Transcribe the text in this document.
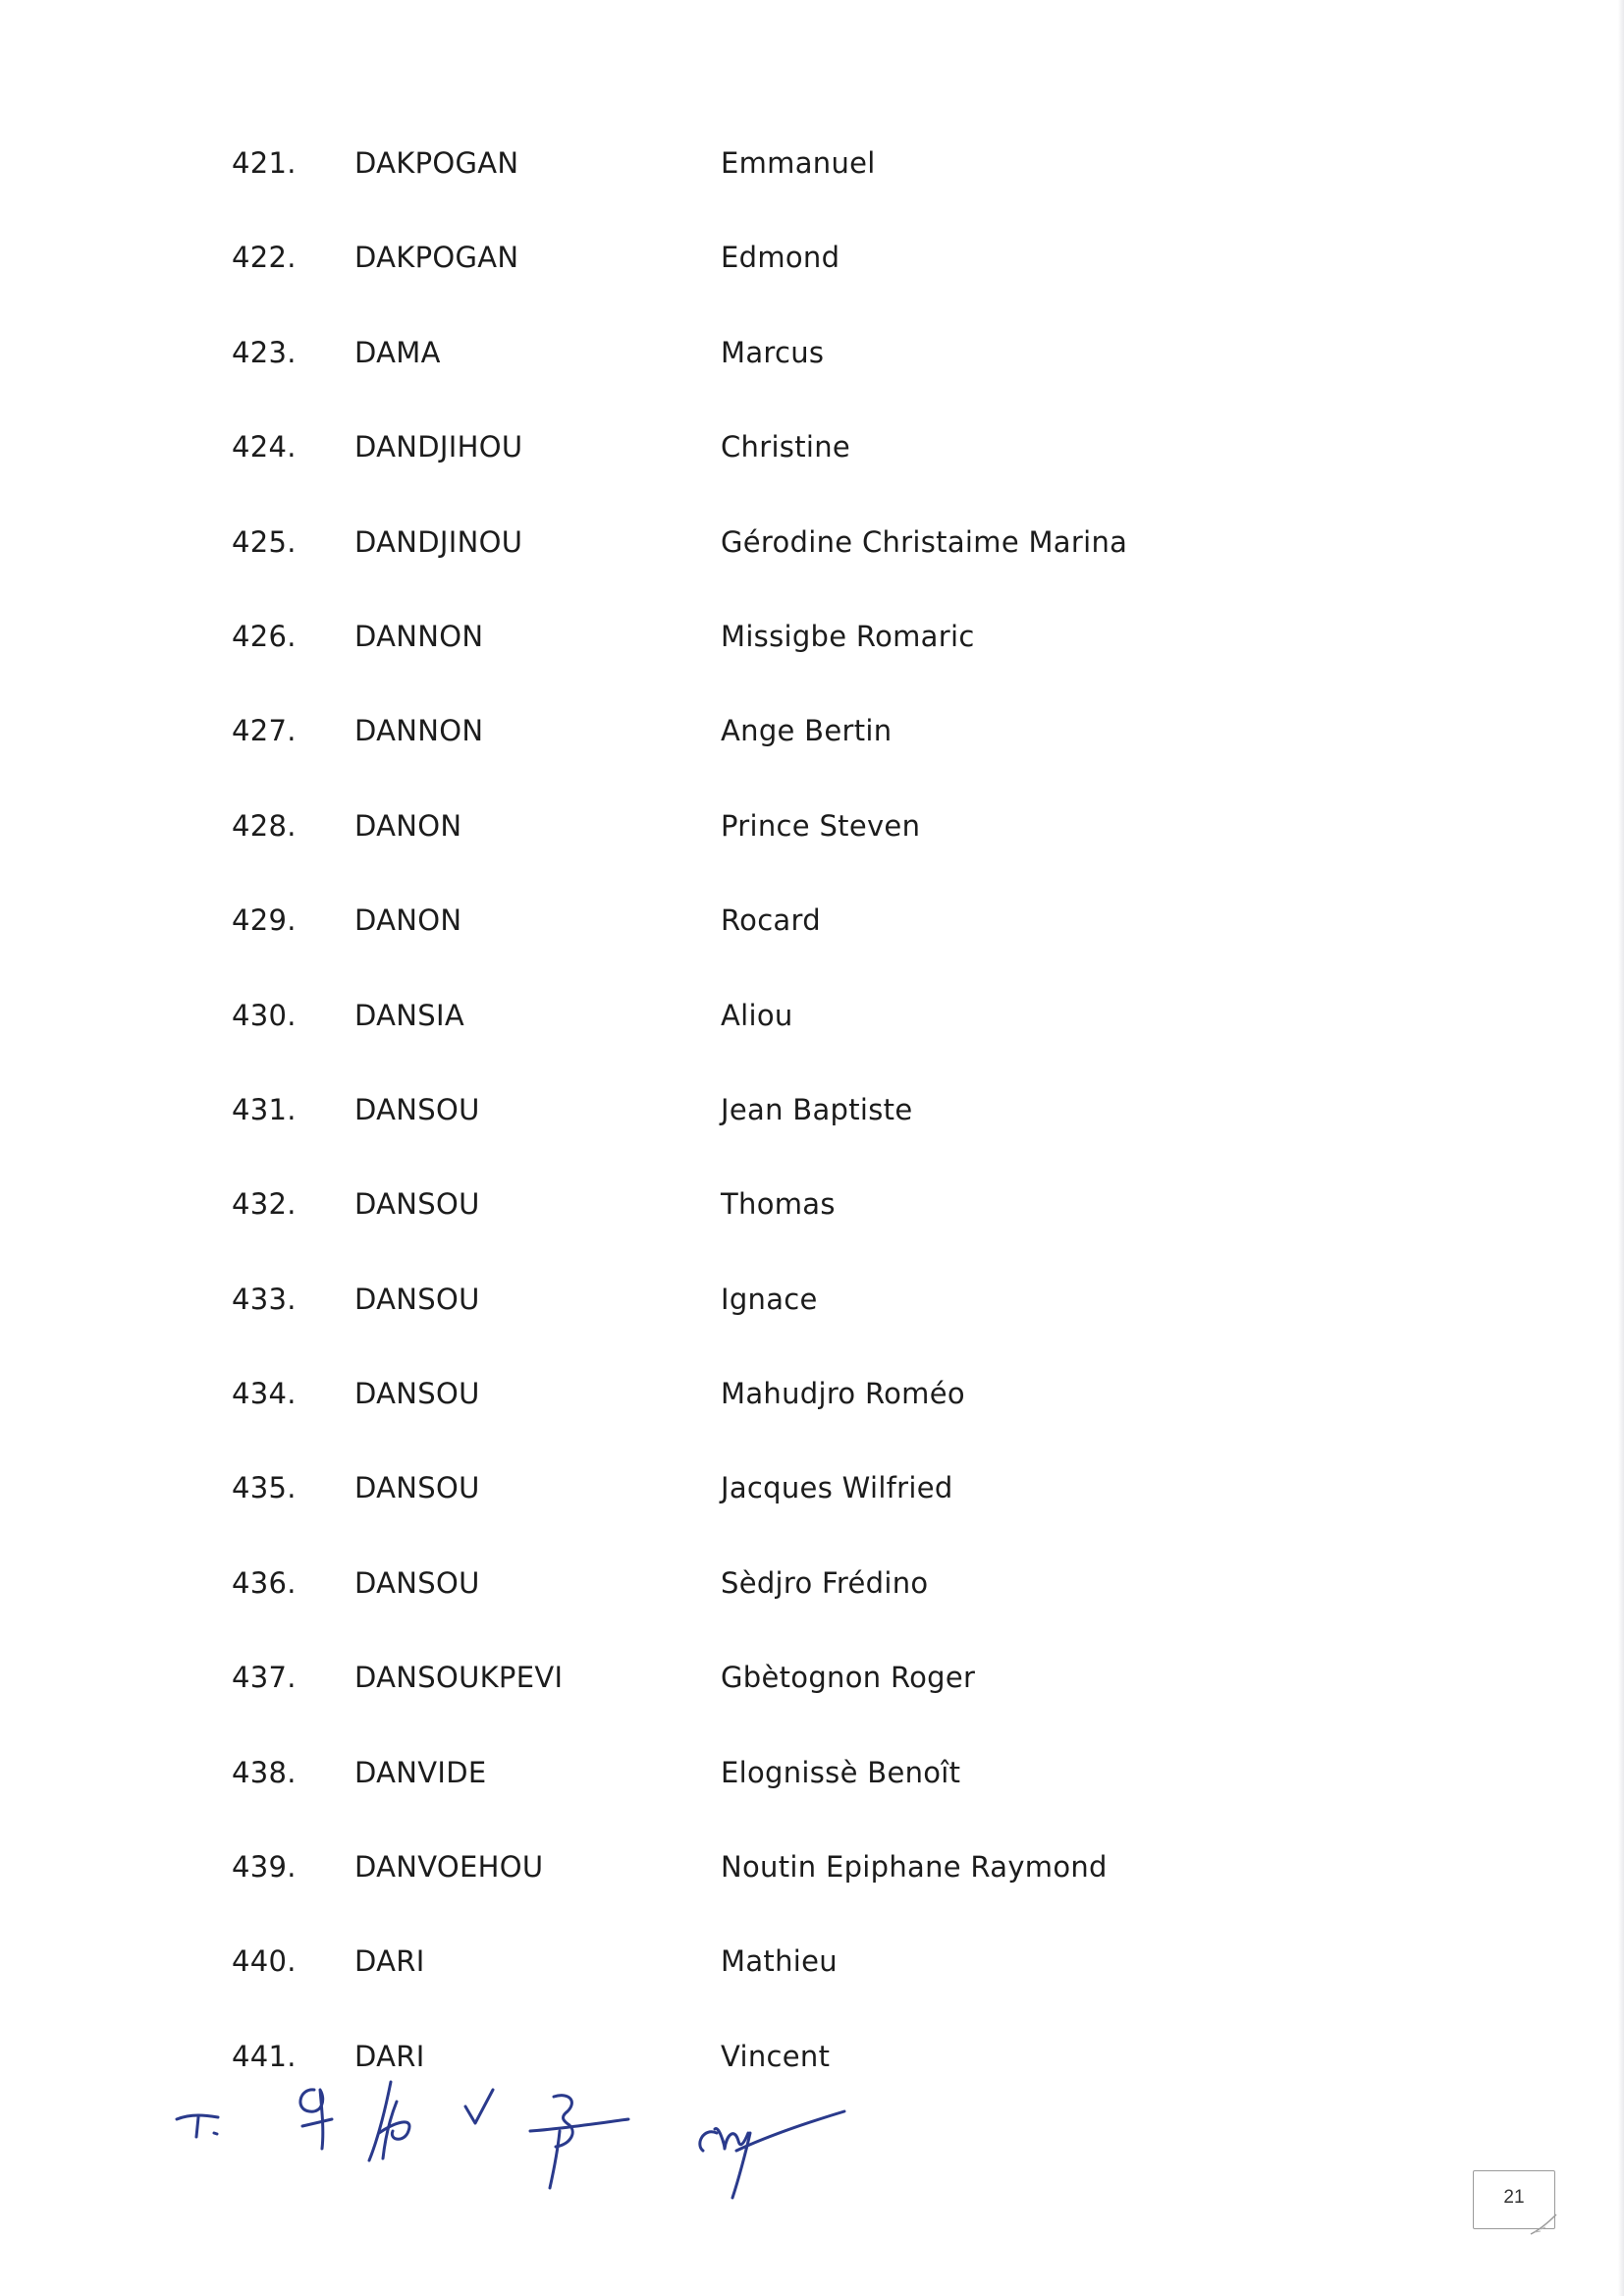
421. DAKPOGAN	Emmanuel
422. DAKPOGAN	Edmond
423. DAMA	Marcus
424. DANDJIHOU	Christine
425. DANDJINOU	Gérodine Christaime Marina
426. DANNON	Missigbe Romaric
427. DANNON	Ange Bertin
428. DANON	Prince Steven
429. DANON	Rocard
430. DANSIA	Aliou
431. DANSOU	Jean Baptiste
432. DANSOU	Thomas
433. DANSOU	Ignace
434. DANSOU	Mahudjro Roméo
435. DANSOU	Jacques Wilfried
436. DANSOU	Sèdjro Frédino
437. DANSOUKPEVI	Gbètognon Roger
438. DANVIDE	Elognissè Benoît
439. DANVOEHOU	Noutin Epiphane Raymond
440. DARI	Mathieu
441. DARI	Vincent
21
